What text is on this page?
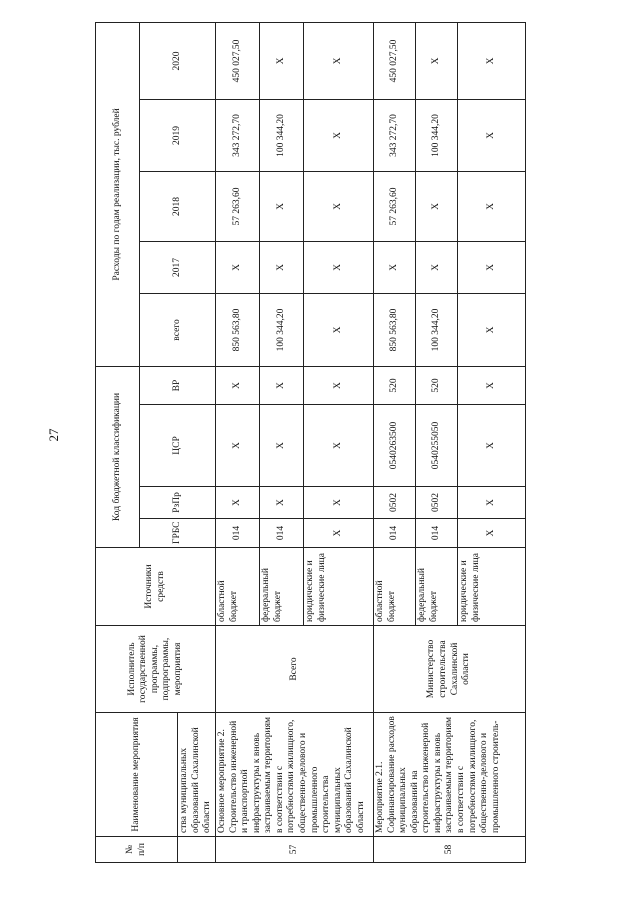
27
№ п/п	Наименование мероприятия	Исполнитель государственной программы, подпрограммы, мероприятия	Источники средств	Код бюджетной классификации				Расходы по годам реализации, тыс. рублей				
				ГРБС	РзПр	ЦСР	ВР	всего	2017	2018	2019	2020
	ства муниципальных образований Сахалинской области											
57	Основное мероприятие 2. Строительство инженерной и транспортной инфраструктуры к вновь застраиваемым территориям в соответствии с потребностями жилищного, общественно-делового и промышленного строительства муниципальных образований Сахалинской области	Всего	областной бюджет	014	X	X	X	850 563,80	X	57 263,60	343 272,70	450 027,50
			федеральный бюджет	014	X	X	X	100 344,20	X	X	100 344,20	X
			юридические и физические лица	X	X	X	X	X	X	X	X	X
58	Мероприятие 2.1. Софинансирование расходов муниципальных образований на строительство инженерной инфраструктуры к вновь застраиваемым территориям в соответствии с потребностями жилищного, общественно-делового и промышленного строитель-	Министерство строительства Сахалинской области	областной бюджет	014	0502	0540263500	520	850 563,80	X	57 263,60	343 272,70	450 027,50
			федеральный бюджет	014	0502	0540255050	520	100 344,20	X	X	100 344,20	X
			юридические и физические лица	X	X	X	X	X	X	X	X	X
